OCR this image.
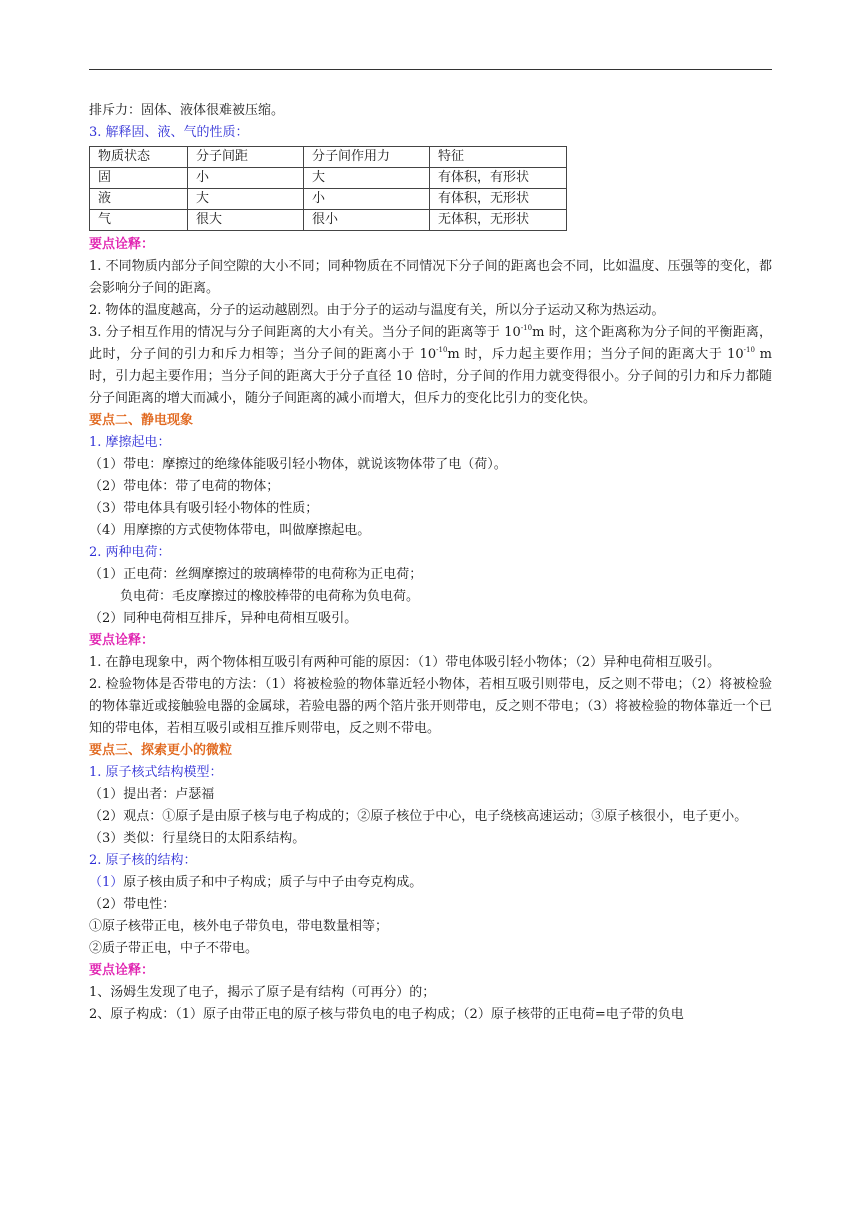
排斥力：固体、液体很难被压缩。
3. 解释固、液、气的性质：
物质状态	分子间距	分子间作用力	特征
固	小	大	有体积，有形状
液	大	小	有体积，无形状
气	很大	很小	无体积，无形状
要点诠释：
1. 不同物质内部分子间空隙的大小不同；同种物质在不同情况下分子间的距离也会不同，比如温度、压强等的变化，都会影响分子间的距离。
2. 物体的温度越高，分子的运动越剧烈。由于分子的运动与温度有关，所以分子运动又称为热运动。
3. 分子相互作用的情况与分子间距离的大小有关。当分子间的距离等于 $10^{-10}m$ 时，这个距离称为分子间的平衡距离，此时，分子间的引力和斥力相等；当分子间的距离小于 $10^{-10}m$ 时，斥力起主要作用；当分子间的距离大于 $10^{-10}$ m 时，引力起主要作用；当分子间的距离大于分子直径 10 倍时，分子间的作用力就变得很小。分子间的引力和斥力都随分子间距离的增大而减小，随分子间距离的减小而增大，但斥力的变化比引力的变化快。
要点二、静电现象
1. 摩擦起电：
（1）带电：摩擦过的绝缘体能吸引轻小物体，就说该物体带了电（荷）。
（2）带电体：带了电荷的物体；
（3）带电体具有吸引轻小物体的性质；
（4）用摩擦的方式使物体带电，叫做摩擦起电。
2. 两种电荷：
（1）正电荷：丝绸摩擦过的玻璃棒带的电荷称为正电荷；
负电荷：毛皮摩擦过的橡胶棒带的电荷称为负电荷。
（2）同种电荷相互排斥，异种电荷相互吸引。
要点诠释：
1. 在静电现象中，两个物体相互吸引有两种可能的原因：（1）带电体吸引轻小物体；（2）异种电荷相互吸引。
2. 检验物体是否带电的方法：（1）将被检验的物体靠近轻小物体，若相互吸引则带电，反之则不带电；（2）将被检验的物体靠近或接触验电器的金属球，若验电器的两个箔片张开则带电，反之则不带电；（3）将被检验的物体靠近一个已知的带电体，若相互吸引或相互推斥则带电，反之则不带电。
要点三、探索更小的微粒
1. 原子核式结构模型：
（1）提出者：卢瑟福
（2）观点：①原子是由原子核与电子构成的；②原子核位于中心，电子绕核高速运动；③原子核很小，电子更小。
（3）类似：行星绕日的太阳系结构。
2. 原子核的结构：
（1）原子核由质子和中子构成；质子与中子由夸克构成。
（2）带电性：
①原子核带正电，核外电子带负电，带电数量相等；
②质子带正电，中子不带电。
要点诠释：
1、汤姆生发现了电子，揭示了原子是有结构（可再分）的；
2、原子构成：（1）原子由带正电的原子核与带负电的电子构成；（2）原子核带的正电荷=电子带的负电
